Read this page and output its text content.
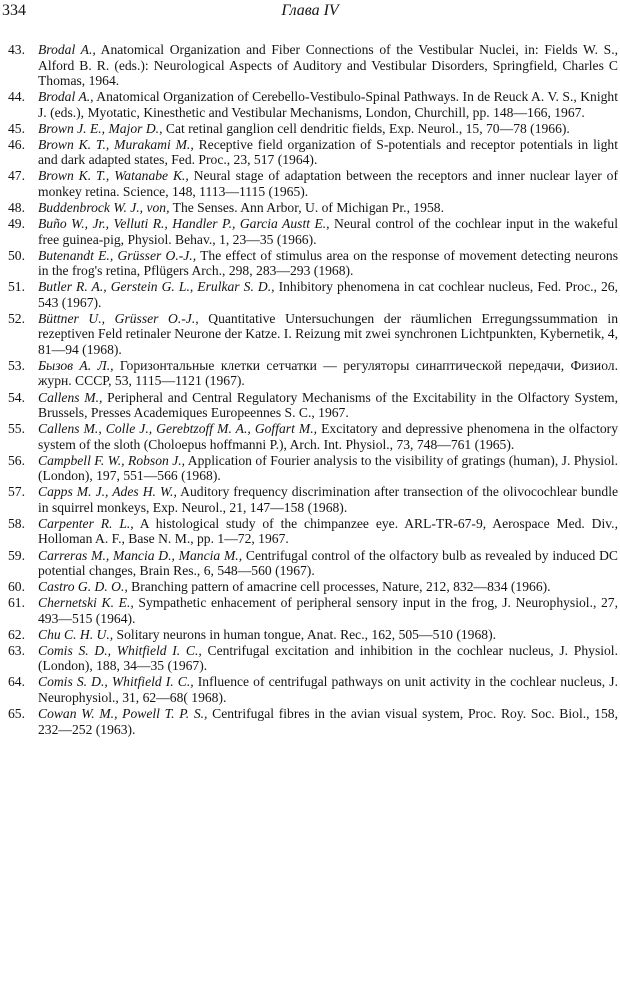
334	Глава IV
43. Brodal A., Anatomical Organization and Fiber Connections of the Vestibular Nuclei, in: Fields W. S., Alford B. R. (eds.): Neurological Aspects of Auditory and Vestibular Disorders, Springfield, Charles C Thomas, 1964.
44. Brodal A., Anatomical Organization of Cerebello-Vestibulo-Spinal Pathways. In de Reuck A. V. S., Knight J. (eds.), Myotatic, Kinesthetic and Vestibular Mechanisms, London, Churchill, pp. 148—166, 1967.
45. Brown J. E., Major D., Cat retinal ganglion cell dendritic fields, Exp. Neurol., 15, 70—78 (1966).
46. Brown K. T., Murakami M., Receptive field organization of S-potentials and receptor potentials in light and dark adapted states, Fed. Proc., 23, 517 (1964).
47. Brown K. T., Watanabe K., Neural stage of adaptation between the receptors and inner nuclear layer of monkey retina. Science, 148, 1113—1115 (1965).
48. Buddenbrock W. J., von, The Senses. Ann Arbor, U. of Michigan Pr., 1958.
49. Buño W., Jr., Velluti R., Handler P., Garcia Austt E., Neural control of the cochlear input in the wakeful free guinea-pig, Physiol. Behav., 1, 23—35 (1966).
50. Butenandt E., Grüsser O.-J., The effect of stimulus area on the response of movement detecting neurons in the frog's retina, Pflügers Arch., 298, 283—293 (1968).
51. Butler R. A., Gerstein G. L., Erulkar S. D., Inhibitory phenomena in cat cochlear nucleus, Fed. Proc., 26, 543 (1967).
52. Büttner U., Grüsser O.-J., Quantitative Untersuchungen der räumlichen Erregungssummation in rezeptiven Feld retinaler Neurone der Katze. I. Reizung mit zwei synchronen Lichtpunkten, Kybernetik, 4, 81—94 (1968).
53. Бызов А. Л., Горизонтальные клетки сетчатки — регуляторы синаптической передачи, Физиол. журн. СССР, 53, 1115—1121 (1967).
54. Callens M., Peripheral and Central Regulatory Mechanisms of the Excitability in the Olfactory System, Brussels, Presses Academiques Europeennes S. C., 1967.
55. Callens M., Colle J., Gerebtzoff M. A., Goffart M., Excitatory and depressive phenomena in the olfactory system of the sloth (Choloepus hoffmanni P.), Arch. Int. Physiol., 73, 748—761 (1965).
56. Campbell F. W., Robson J., Application of Fourier analysis to the visibility of gratings (human), J. Physiol. (London), 197, 551—566 (1968).
57. Capps M. J., Ades H. W., Auditory frequency discrimination after transection of the olivocochlear bundle in squirrel monkeys, Exp. Neurol., 21, 147—158 (1968).
58. Carpenter R. L., A histological study of the chimpanzee eye. ARL-TR-67-9, Aerospace Med. Div., Holloman A. F., Base N. M., pp. 1—72, 1967.
59. Carreras M., Mancia D., Mancia M., Centrifugal control of the olfactory bulb as revealed by induced DC potential changes, Brain Res., 6, 548—560 (1967).
60. Castro G. D. O., Branching pattern of amacrine cell processes, Nature, 212, 832—834 (1966).
61. Chernetski K. E., Sympathetic enhacement of peripheral sensory input in the frog, J. Neurophysiol., 27, 493—515 (1964).
62. Chu C. H. U., Solitary neurons in human tongue, Anat. Rec., 162, 505—510 (1968).
63. Comis S. D., Whitfield I. C., Centrifugal excitation and inhibition in the cochlear nucleus, J. Physiol. (London), 188, 34—35 (1967).
64. Comis S. D., Whitfield I. C., Influence of centrifugal pathways on unit activity in the cochlear nucleus, J. Neurophysiol., 31, 62—68( 1968).
65. Cowan W. M., Powell T. P. S., Centrifugal fibres in the avian visual system, Proc. Roy. Soc. Biol., 158, 232—252 (1963).
